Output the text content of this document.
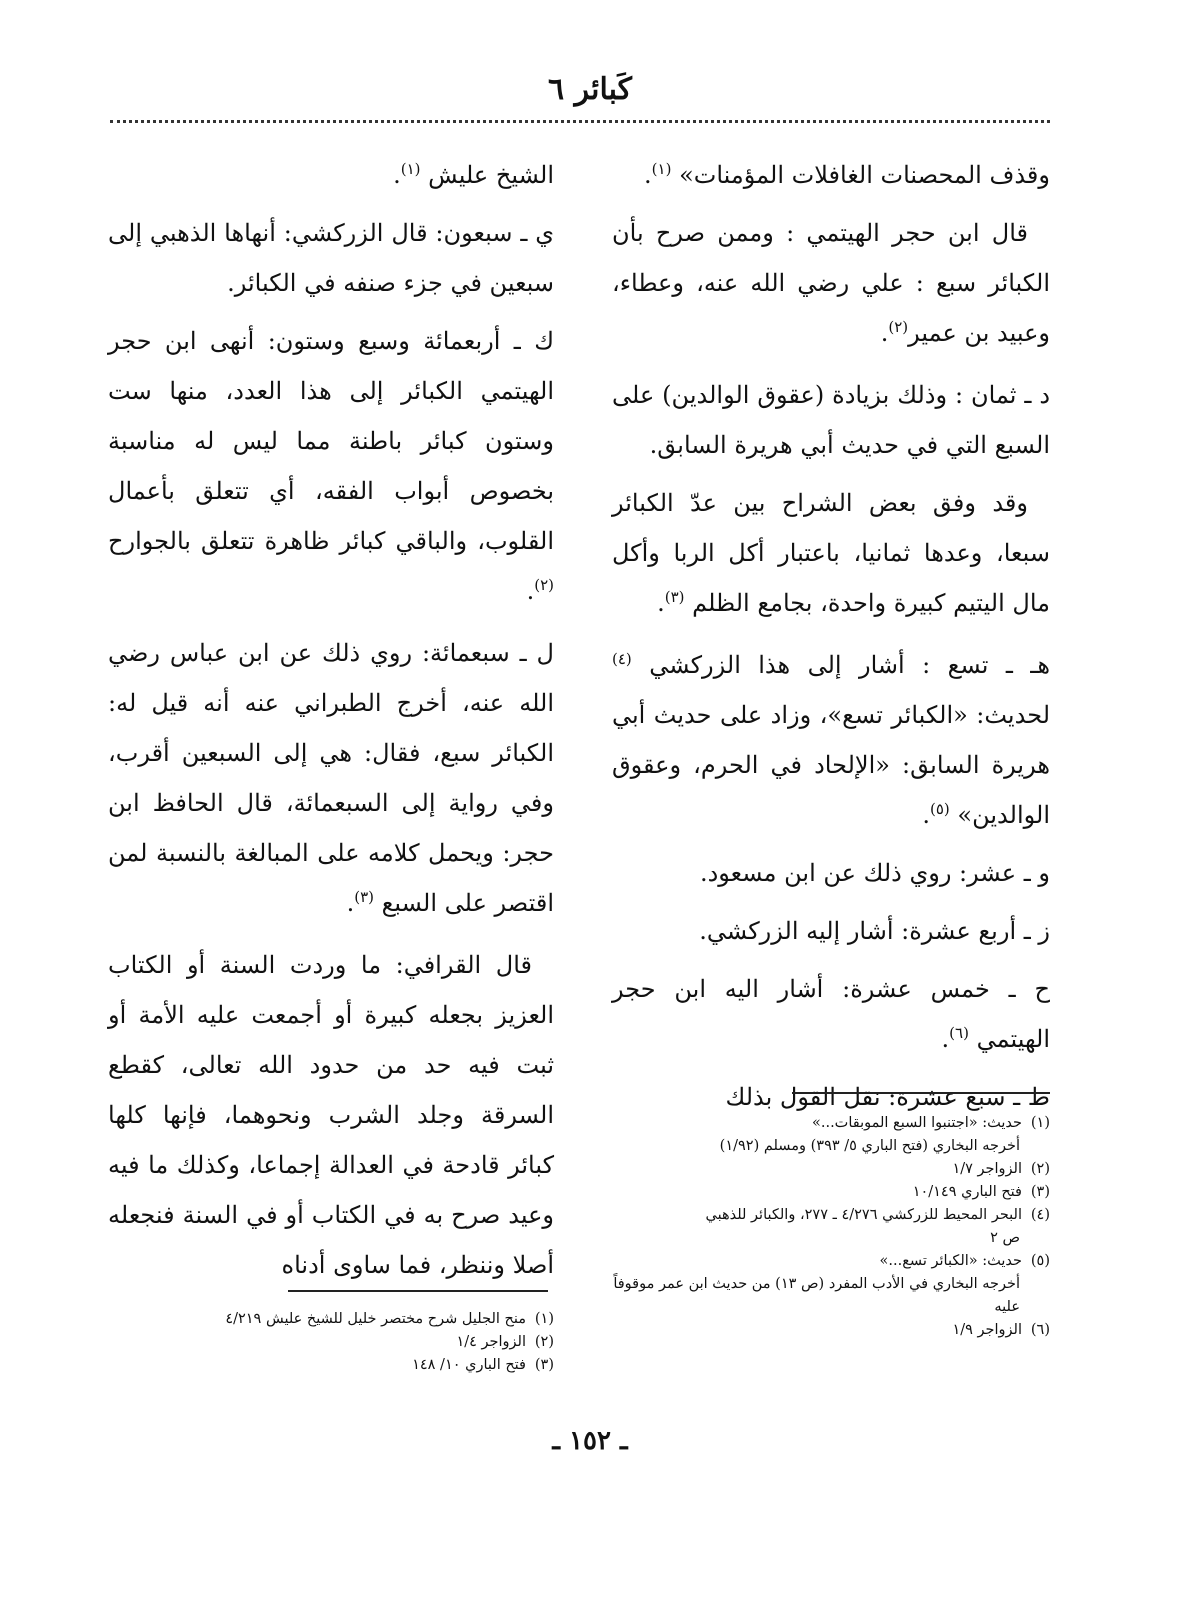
كَبائر ٦

وقذف المحصنات الغافلات المؤمنات» $^{(١)}$.

قال ابن حجر الهيتمي : وممن صرح بأن الكبائر سبع : علي رضي الله عنه، وعطاء، وعبيد بن عمير$^{(٢)}$.

د ـ ثمان : وذلك بزيادة (عقوق الوالدين) على السبع التي في حديث أبي هريرة السابق.

وقد وفق بعض الشراح بين عدّ الكبائر سبعا، وعدها ثمانيا، باعتبار أكل الربا وأكل مال اليتيم كبيرة واحدة، بجامع الظلم $^{(٣)}$.

هـ ـ تسع : أشار إلى هذا الزركشي $^{(٤)}$ لحديث: «الكبائر تسع»، وزاد على حديث أبي هريرة السابق: «الإلحاد في الحرم، وعقوق الوالدين» $^{(٥)}$.

و ـ عشر: روي ذلك عن ابن مسعود.

ز ـ أربع عشرة: أشار إليه الزركشي.

ح ـ خمس عشرة: أشار اليه ابن حجر الهيتمي $^{(٦)}$.

ط ـ سبع عشرة: نقل القول بذلك

الشيخ عليش $^{(١)}$.

ي ـ سبعون: قال الزركشي: أنهاها الذهبي إلى سبعين في جزء صنفه في الكبائر.

ك ـ أربعمائة وسبع وستون: أنهى ابن حجر الهيتمي الكبائر إلى هذا العدد، منها ست وستون كبائر باطنة مما ليس له مناسبة بخصوص أبواب الفقه، أي تتعلق بأعمال القلوب، والباقي كبائر ظاهرة تتعلق بالجوارح $^{(٢)}$.

ل ـ سبعمائة: روي ذلك عن ابن عباس رضي الله عنه، أخرج الطبراني عنه أنه قيل له: الكبائر سبع، فقال: هي إلى السبعين أقرب، وفي رواية إلى السبعمائة، قال الحافظ ابن حجر: ويحمل كلامه على المبالغة بالنسبة لمن اقتصر على السبع $^{(٣)}$.

قال القرافي: ما وردت السنة أو الكتاب العزيز بجعله كبيرة أو أجمعت عليه الأمة أو ثبت فيه حد من حدود الله تعالى، كقطع السرقة وجلد الشرب ونحوهما، فإنها كلها كبائر قادحة في العدالة إجماعا، وكذلك ما فيه وعيد صرح به في الكتاب أو في السنة فنجعله أصلا وننظر، فما ساوى أدناه

(١)حديث: «اجتنبوا السبع الموبقات...»
أخرجه البخاري (فتح الباري ٥/ ٣٩٣) ومسلم (١/٩٢)
(٢)الزواجر ١/٧
(٣)فتح الباري ١٠/١٤٩
(٤)البحر المحيط للزركشي ٤/٢٧٦ ـ ٢٧٧، والكبائر للذهبي
ص ٢
(٥)حديث: «الكبائر تسع...»
أخرجه البخاري في الأدب المفرد (ص ١٣) من حديث ابن عمر موقوفاً عليه
(٦)الزواجر ١/٩
(١)منح الجليل شرح مختصر خليل للشيخ عليش ٤/٢١٩
(٢)الزواجر ١/٤
(٣)فتح الباري ١٠/ ١٤٨
ـ ١٥٢ ـ
